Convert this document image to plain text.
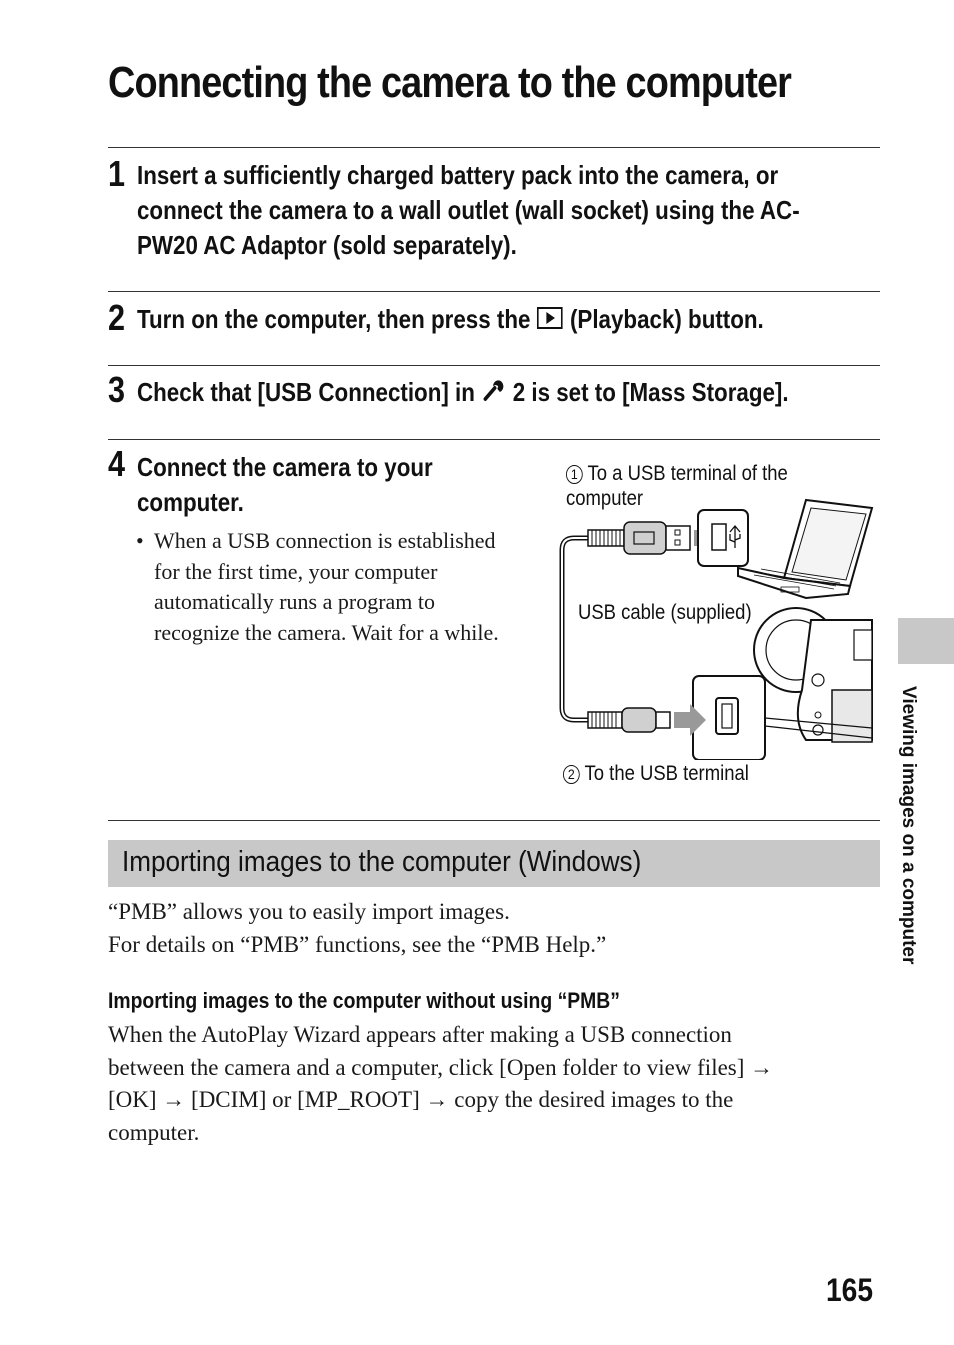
Connecting the camera to the computer
1 Insert a sufficiently charged battery pack into the camera, or
connect the camera to a wall outlet (wall socket) using the AC-
PW20 AC Adaptor (sold separately).
2 Turn on the computer, then press the (Playback) button.
3 Check that [USB Connection] in 2 is set to [Mass Storage].
4 Connect the camera to your
computer.

• When a USB connection is established
for the first time, your computer
automatically runs a program to
recognize the camera. Wait for a while.

1 To a USB terminal of the
computer
USB cable (supplied)
2 To the USB terminal
Importing images to the computer (Windows)
“PMB” allows you to easily import images.
For details on “PMB” functions, see the “PMB Help.”
Importing images to the computer without using “PMB”
When the AutoPlay Wizard appears after making a USB connection
between the camera and a computer, click [Open folder to view files] →
[OK] → [DCIM] or [MP_ROOT] → copy the desired images to the
computer.
Viewing images on a computer
165
